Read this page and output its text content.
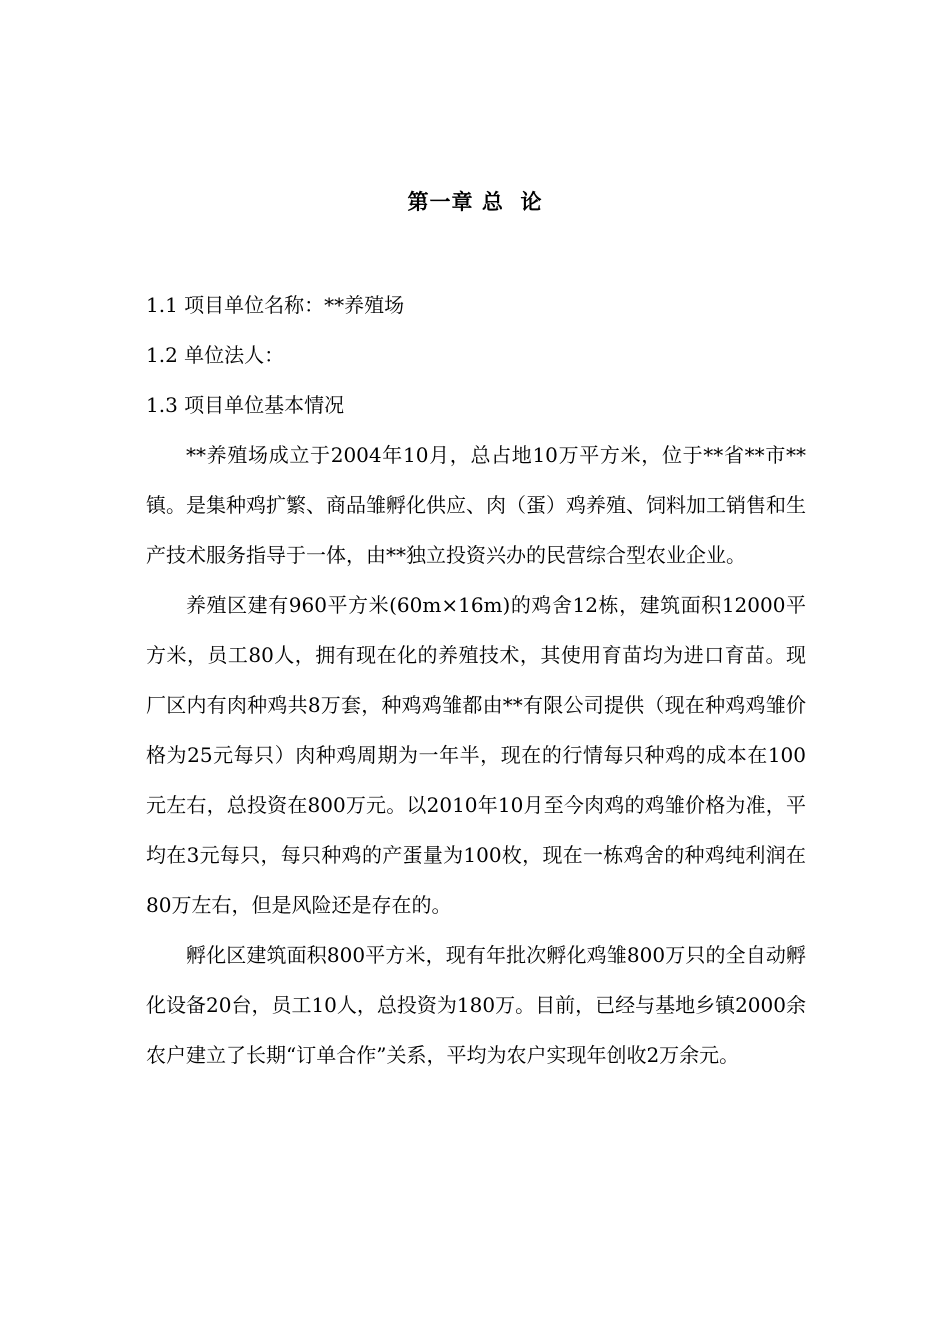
第一章 总  论

1.1 项目单位名称：**养殖场

1.2 单位法人：

1.3 项目单位基本情况

**养殖场成立于2004年10月，总占地10万平方米，位于**省**市**镇。是集种鸡扩繁、商品雏孵化供应、肉（蛋）鸡养殖、饲料加工销售和生产技术服务指导于一体，由**独立投资兴办的民营综合型农业企业。

养殖区建有960平方米(60m×16m)的鸡舍12栋，建筑面积12000平方米，员工80人，拥有现在化的养殖技术，其使用育苗均为进口育苗。现厂区内有肉种鸡共8万套，种鸡鸡雏都由**有限公司提供（现在种鸡鸡雏价格为25元每只）肉种鸡周期为一年半，现在的行情每只种鸡的成本在100元左右，总投资在800万元。以2010年10月至今肉鸡的鸡雏价格为准，平均在3元每只，每只种鸡的产蛋量为100枚，现在一栋鸡舍的种鸡纯利润在80万左右，但是风险还是存在的。

孵化区建筑面积800平方米，现有年批次孵化鸡雏800万只的全自动孵化设备20台，员工10人，总投资为180万。目前，已经与基地乡镇2000余农户建立了长期“订单合作”关系，平均为农户实现年创收2万余元。
